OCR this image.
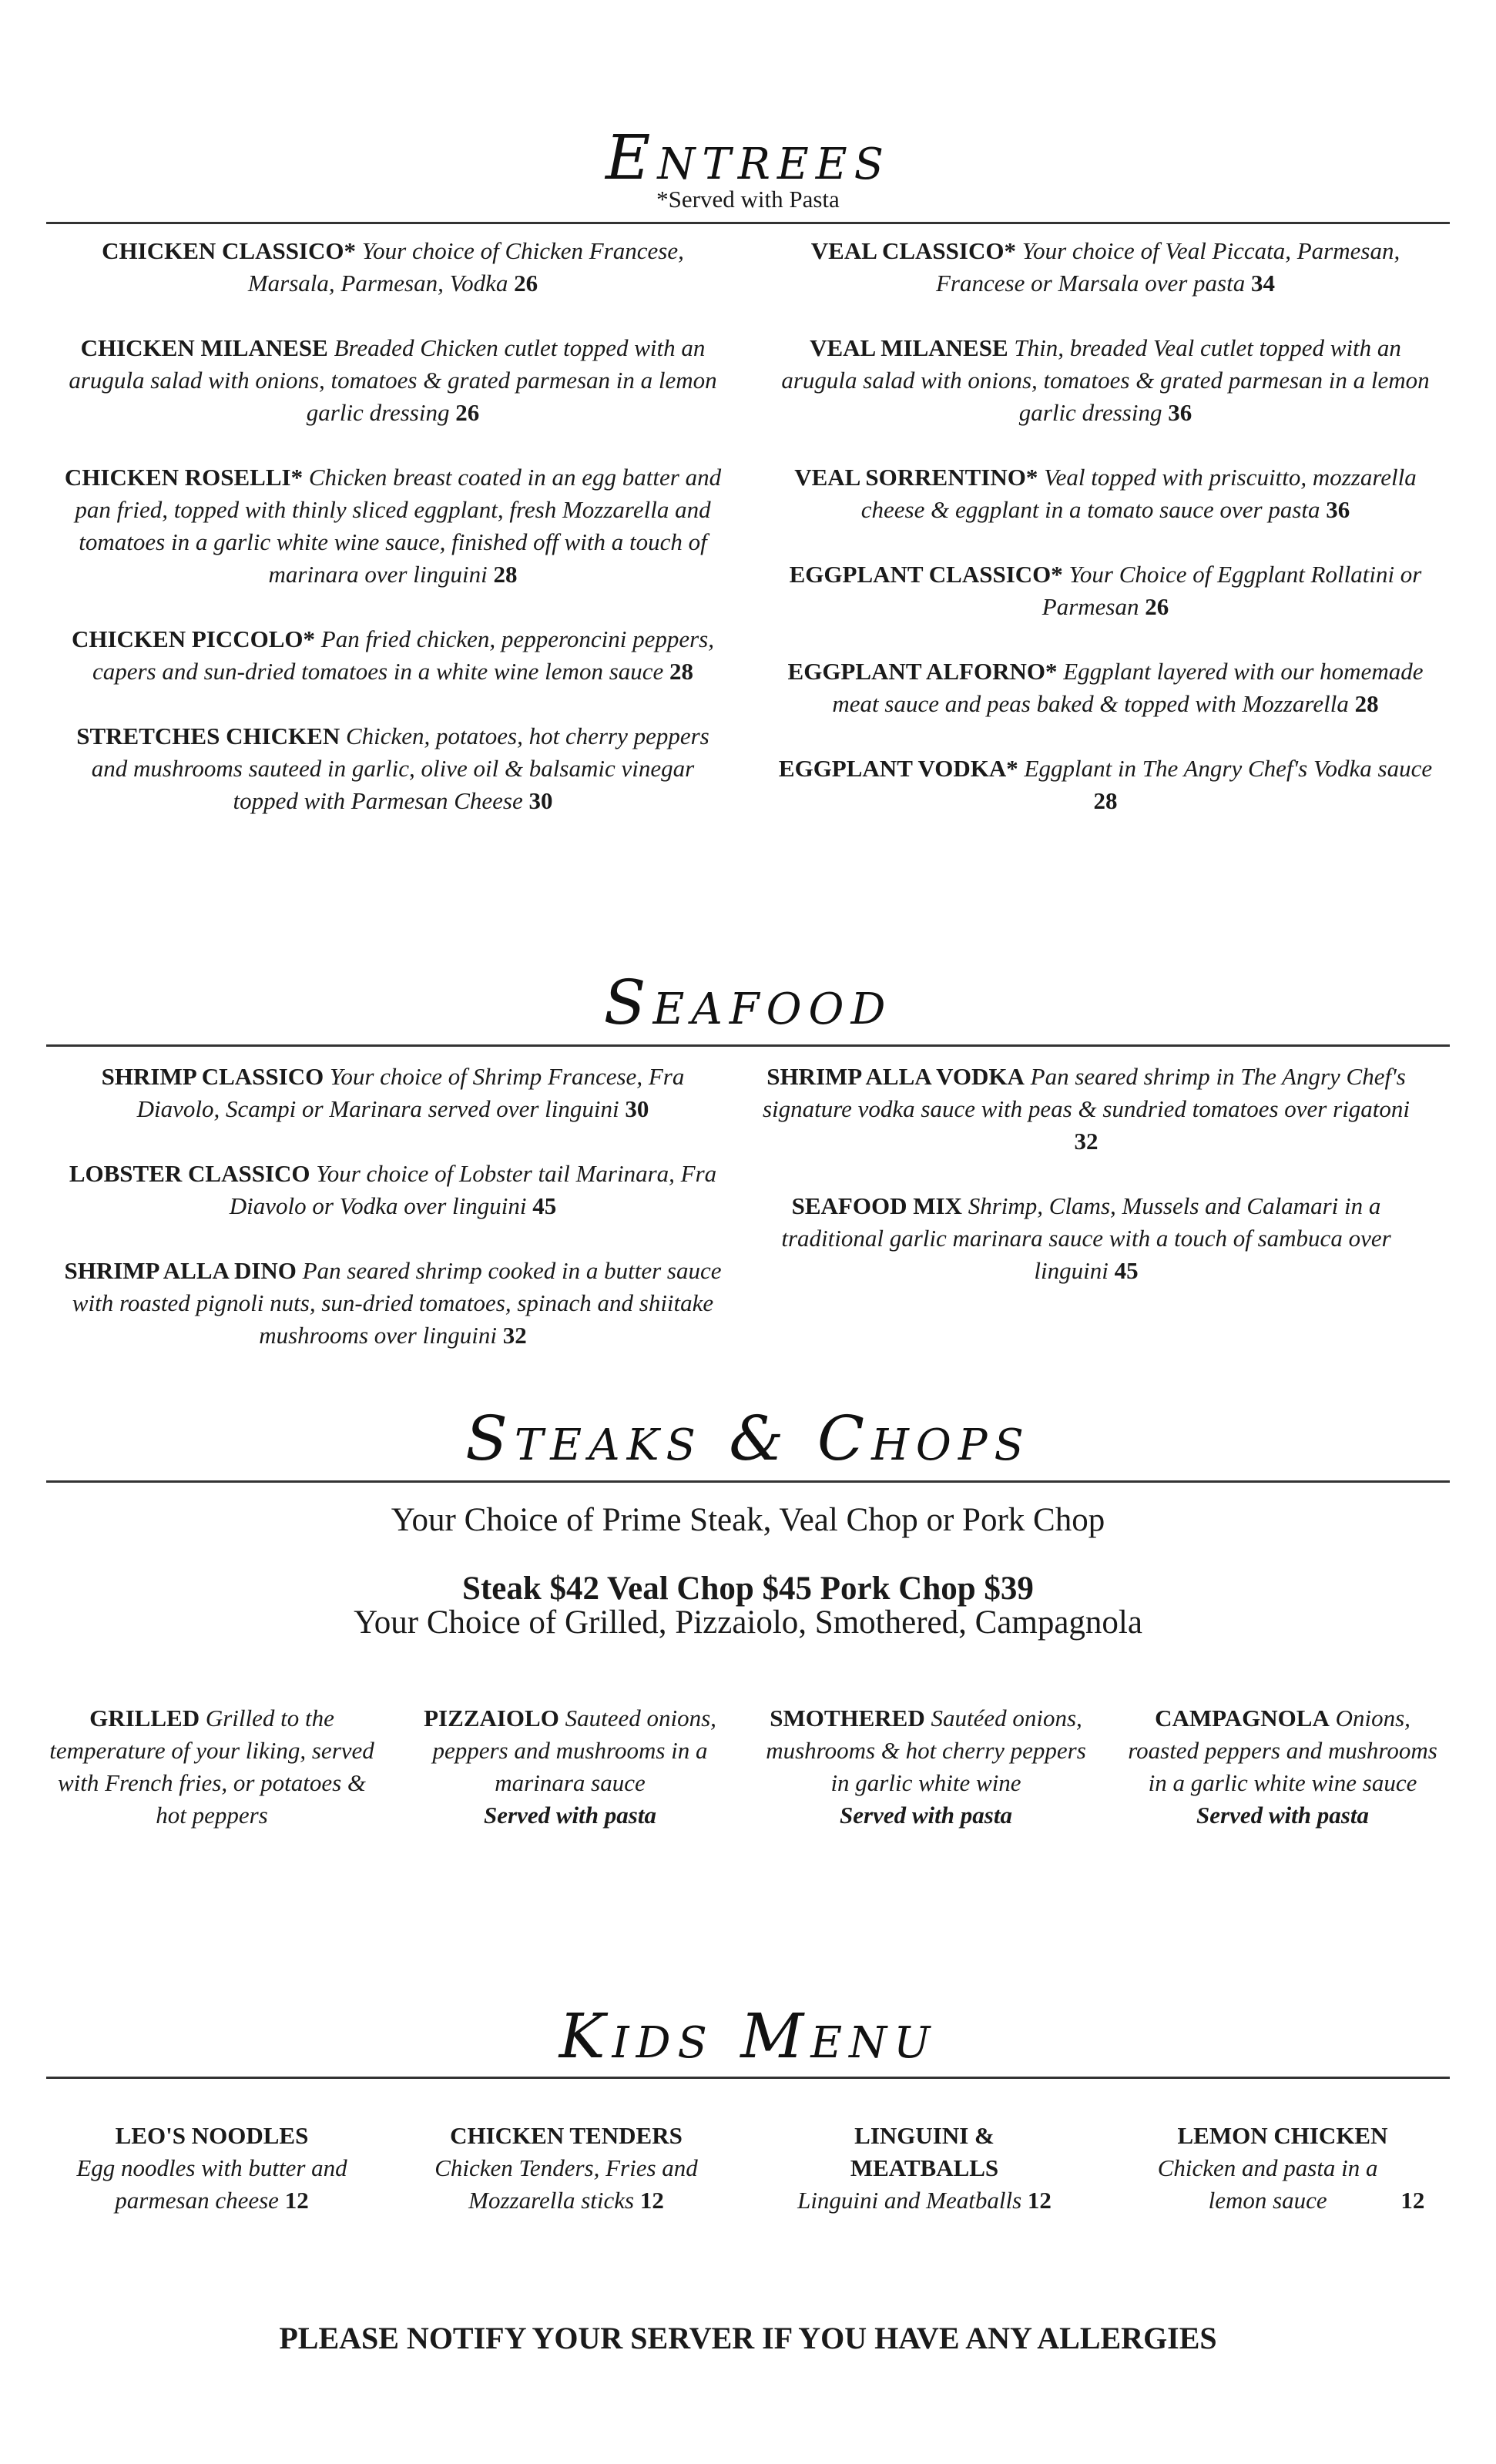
Entrees
*Served with Pasta
CHICKEN CLASSICO* Your choice of Chicken Francese, Marsala, Parmesan, Vodka 26
CHICKEN MILANESE Breaded Chicken cutlet topped with an arugula salad with onions, tomatoes & grated parmesan in a lemon garlic dressing 26
CHICKEN ROSELLI* Chicken breast coated in an egg batter and pan fried, topped with thinly sliced eggplant, fresh Mozzarella and tomatoes in a garlic white wine sauce, finished off with a touch of marinara over linguini 28
CHICKEN PICCOLO* Pan fried chicken, pepperoncini peppers, capers and sun-dried tomatoes in a white wine lemon sauce 28
STRETCHES CHICKEN Chicken, potatoes, hot cherry peppers and mushrooms sauteed in garlic, olive oil & balsamic vinegar topped with Parmesan Cheese 30
VEAL CLASSICO* Your choice of Veal Piccata, Parmesan, Francese or Marsala over pasta 34
VEAL MILANESE Thin, breaded Veal cutlet topped with an arugula salad with onions, tomatoes & grated parmesan in a lemon garlic dressing 36
VEAL SORRENTINO* Veal topped with priscuitto, mozzarella cheese & eggplant in a tomato sauce over pasta 36
EGGPLANT CLASSICO* Your Choice of Eggplant Rollatini or Parmesan 26
EGGPLANT ALFORNO* Eggplant layered with our homemade meat sauce and peas baked & topped with Mozzarella 28
EGGPLANT VODKA* Eggplant in The Angry Chef's Vodka sauce 28
Seafood
SHRIMP CLASSICO Your choice of Shrimp Francese, Fra Diavolo, Scampi or Marinara served over linguini 30
LOBSTER CLASSICO Your choice of Lobster tail Marinara, Fra Diavolo or Vodka over linguini 45
SHRIMP ALLA DINO Pan seared shrimp cooked in a butter sauce with roasted pignoli nuts, sun-dried tomatoes, spinach and shiitake mushrooms over linguini 32
SHRIMP ALLA VODKA Pan seared shrimp in The Angry Chef's signature vodka sauce with peas & sundried tomatoes over rigatoni 32
SEAFOOD MIX Shrimp, Clams, Mussels and Calamari in a traditional garlic marinara sauce with a touch of sambuca over linguini 45
Steaks & Chops
Your Choice of Prime Steak, Veal Chop or Pork Chop
Steak $42 Veal Chop $45 Pork Chop $39
Your Choice of Grilled, Pizzaiolo, Smothered, Campagnola
GRILLED Grilled to the temperature of your liking, served with French fries, or potatoes & hot peppers
PIZZAIOLO Sauteed onions, peppers and mushrooms in a marinara sauce
Served with pasta
SMOTHERED Sautéed onions, mushrooms & hot cherry peppers in garlic white wine
Served with pasta
CAMPAGNOLA Onions, roasted peppers and mushrooms in a garlic white wine sauce
Served with pasta
Kids Menu
LEO'S NOODLES
Egg noodles with butter and parmesan cheese 12
CHICKEN TENDERS
Chicken Tenders, Fries and Mozzarella sticks 12
LINGUINI & MEATBALLS
Linguini and Meatballs 12
LEMON CHICKEN
Chicken and pasta in a lemon sauce	12
PLEASE NOTIFY YOUR SERVER IF YOU HAVE ANY ALLERGIES
